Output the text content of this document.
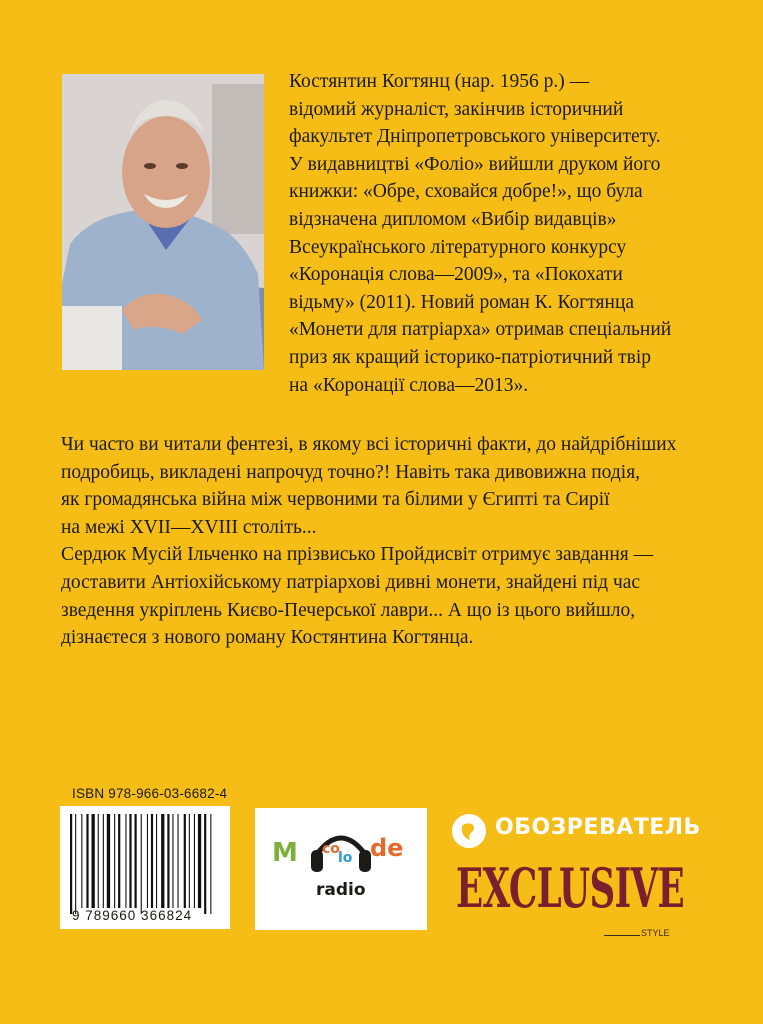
Костянтин Когтянц (нар. 1956 р.) —

відомий журналіст, закінчив історичний

факультет Дніпропетровського університету.

У видавництві «Фоліо» вийшли друком його

книжки: «Обре, сховайся добре!», що була

відзначена дипломом «Вибір видавців»

Всеукраїнського літературного конкурсу

«Коронація слова—2009», та «Покохати

відьму» (2011). Новий роман К. Когтянца

«Монети для патріарха» отримав спеціальний

приз як кращий історико-патріотичний твір

на «Коронації слова—2013».

Чи часто ви читали фентезі, в якому всі історичні факти, до найдрібніших

подробиць, викладені напрочуд точно?! Навіть така дивовижна подія,

як громадянська війна між червоними та білими у Єгипті та Сирії

на межі XVII—XVIII століть...

Сердюк Мусій Ільченко на прізвисько Пройдисвіт отримує завдання —

доставити Антіохійському патріархові дивні монети, знайдені під час

зведення укріплень Києво-Печерської лаври... А що із цього вийшло,

дізнаєтеся з нового роману Костянтина Когтянца.

ISBN 978-966-03-6682-4
9 789660 366824
M co
lo de
radio
ОБОЗРЕВАТЕЛЬ
EXCLUSIVE
STYLE
